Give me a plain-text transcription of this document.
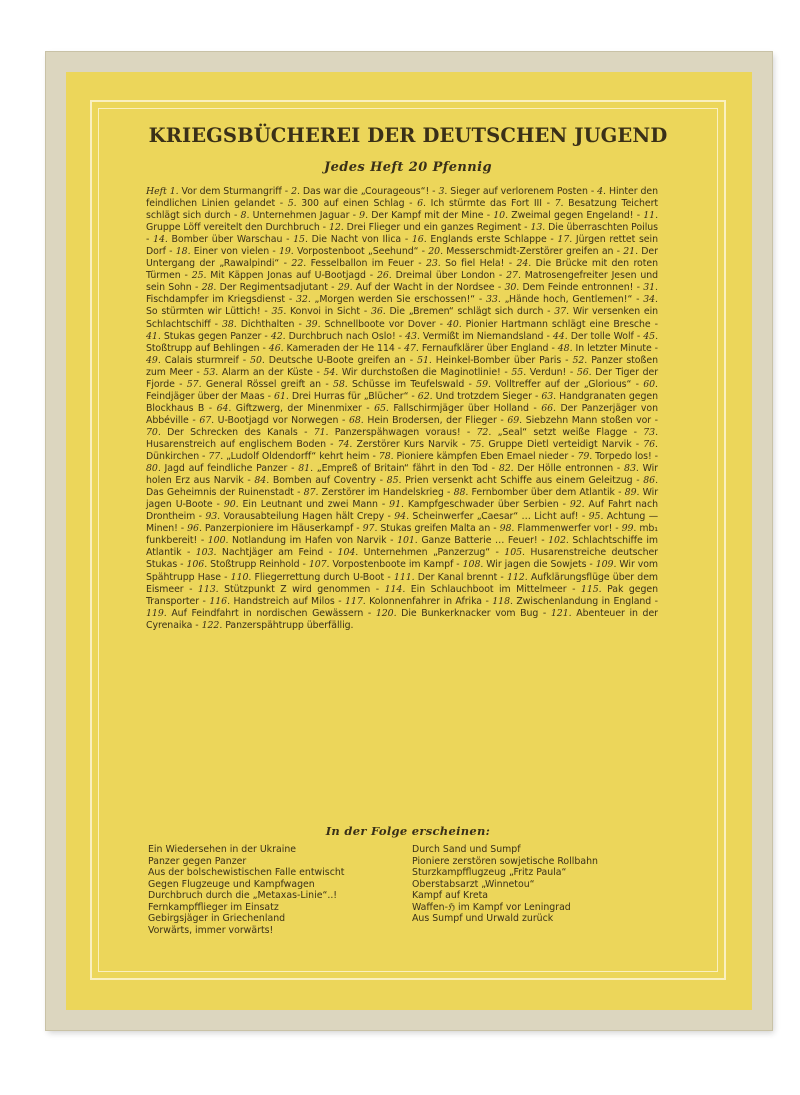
KRIEGSBÜCHEREI DER DEUTSCHEN JUGEND
Jedes Heft 20 Pfennig
Heft 1. Vor dem Sturmangriff - 2. Das war die „Courageous“! - 3. Sieger auf verlorenem Posten - 4. Hinter den feindlichen Linien gelandet - 5. 300 auf einen Schlag - 6. Ich stürmte das Fort III - 7. Besatzung Teichert schlägt sich durch - 8. Unternehmen Jaguar - 9. Der Kampf mit der Mine - 10. Zweimal gegen Engeland! - 11. Gruppe Löff vereitelt den Durchbruch - 12. Drei Flieger und ein ganzes Regiment - 13. Die überraschten Poilus - 14. Bomber über Warschau - 15. Die Nacht von Ilica - 16. Englands erste Schlappe - 17. Jürgen rettet sein Dorf - 18. Einer von vielen - 19. Vorpostenboot „Seehund“ - 20. Messerschmidt-Zerstörer greifen an - 21. Der Untergang der „Rawalpindi“ - 22. Fesselballon im Feuer - 23. So fiel Hela! - 24. Die Brücke mit den roten Türmen - 25. Mit Käppen Jonas auf U-Bootjagd - 26. Dreimal über London - 27. Matrosengefreiter Jesen und sein Sohn - 28. Der Regimentsadjutant - 29. Auf der Wacht in der Nordsee - 30. Dem Feinde entronnen! - 31. Fischdampfer im Kriegsdienst - 32. „Morgen werden Sie erschossen!“ - 33. „Hände hoch, Gentlemen!“ - 34. So stürmten wir Lüttich! - 35. Konvoi in Sicht - 36. Die „Bremen“ schlägt sich durch - 37. Wir versenken ein Schlachtschiff - 38. Dichthalten - 39. Schnellboote vor Dover - 40. Pionier Hartmann schlägt eine Bresche - 41. Stukas gegen Panzer - 42. Durchbruch nach Oslo! - 43. Vermißt im Niemandsland - 44. Der tolle Wolf - 45. Stoßtrupp auf Behlingen - 46. Kameraden der He 114 - 47. Fernaufklärer über England - 48. In letzter Minute - 49. Calais sturmreif - 50. Deutsche U-Boote greifen an - 51. Heinkel-Bomber über Paris - 52. Panzer stoßen zum Meer - 53. Alarm an der Küste - 54. Wir durchstoßen die Maginotlinie! - 55. Verdun! - 56. Der Tiger der Fjorde - 57. General Rössel greift an - 58. Schüsse im Teufelswald - 59. Volltreffer auf der „Glorious“ - 60. Feindjäger über der Maas - 61. Drei Hurras für „Blücher“ - 62. Und trotzdem Sieger - 63. Handgranaten gegen Blockhaus B - 64. Giftzwerg, der Minenmixer - 65. Fallschirmjäger über Holland - 66. Der Panzerjäger von Abbéville - 67. U-Bootjagd vor Norwegen - 68. Hein Brodersen, der Flieger - 69. Siebzehn Mann stoßen vor - 70. Der Schrecken des Kanals - 71. Panzerspähwagen voraus! - 72. „Seal“ setzt weiße Flagge - 73. Husarenstreich auf englischem Boden - 74. Zerstörer Kurs Narvik - 75. Gruppe Dietl verteidigt Narvik - 76. Dünkirchen - 77. „Ludolf Oldendorff“ kehrt heim - 78. Pioniere kämpfen Eben Emael nieder - 79. Torpedo los! - 80. Jagd auf feindliche Panzer - 81. „Empreß of Britain“ fährt in den Tod - 82. Der Hölle entronnen - 83. Wir holen Erz aus Narvik - 84. Bomben auf Coventry - 85. Prien versenkt acht Schiffe aus einem Geleitzug - 86. Das Geheimnis der Ruinenstadt - 87. Zerstörer im Handelskrieg - 88. Fernbomber über dem Atlantik - 89. Wir jagen U-Boote - 90. Ein Leutnant und zwei Mann - 91. Kampfgeschwader über Serbien - 92. Auf Fahrt nach Drontheim - 93. Vorausabteilung Hagen hält Crepy - 94. Scheinwerfer „Caesar“ … Licht auf! - 95. Achtung — Minen! - 96. Panzerpioniere im Häuserkampf - 97. Stukas greifen Malta an - 98. Flammenwerfer vor! - 99. mb₁ funkbereit! - 100. Notlandung im Hafen von Narvik - 101. Ganze Batterie … Feuer! - 102. Schlachtschiffe im Atlantik - 103. Nachtjäger am Feind - 104. Unternehmen „Panzerzug“ - 105. Husarenstreiche deutscher Stukas - 106. Stoßtrupp Reinhold - 107. Vorpostenboote im Kampf - 108. Wir jagen die Sowjets - 109. Wir vom Spähtrupp Hase - 110. Fliegerrettung durch U-Boot - 111. Der Kanal brennt - 112. Aufklärungsflüge über dem Eismeer - 113. Stützpunkt Z wird genommen - 114. Ein Schlauchboot im Mittelmeer - 115. Pak gegen Transporter - 116. Handstreich auf Milos - 117. Kolonnenfahrer in Afrika - 118. Zwischenlandung in England - 119. Auf Feindfahrt in nordischen Gewässern - 120. Die Bunkerknacker vom Bug - 121. Abenteuer in der Cyrenaika - 122. Panzerspähtrupp überfällig.
In der Folge erscheinen:
Ein Wiedersehen in der Ukraine
Panzer gegen Panzer
Aus der bolschewistischen Falle entwischt
Gegen Flugzeuge und Kampfwagen
Durchbruch durch die „Metaxas-Linie“..!
Fernkampfflieger im Einsatz
Gebirgsjäger in Griechenland
Vorwärts, immer vorwärts!
Durch Sand und Sumpf
Pioniere zerstören sowjetische Rollbahn
Sturzkampfflugzeug „Fritz Paula“
Oberstabsarzt „Winnetou“
Kampf auf Kreta
Waffen-ℌ im Kampf vor Leningrad
Aus Sumpf und Urwald zurück
